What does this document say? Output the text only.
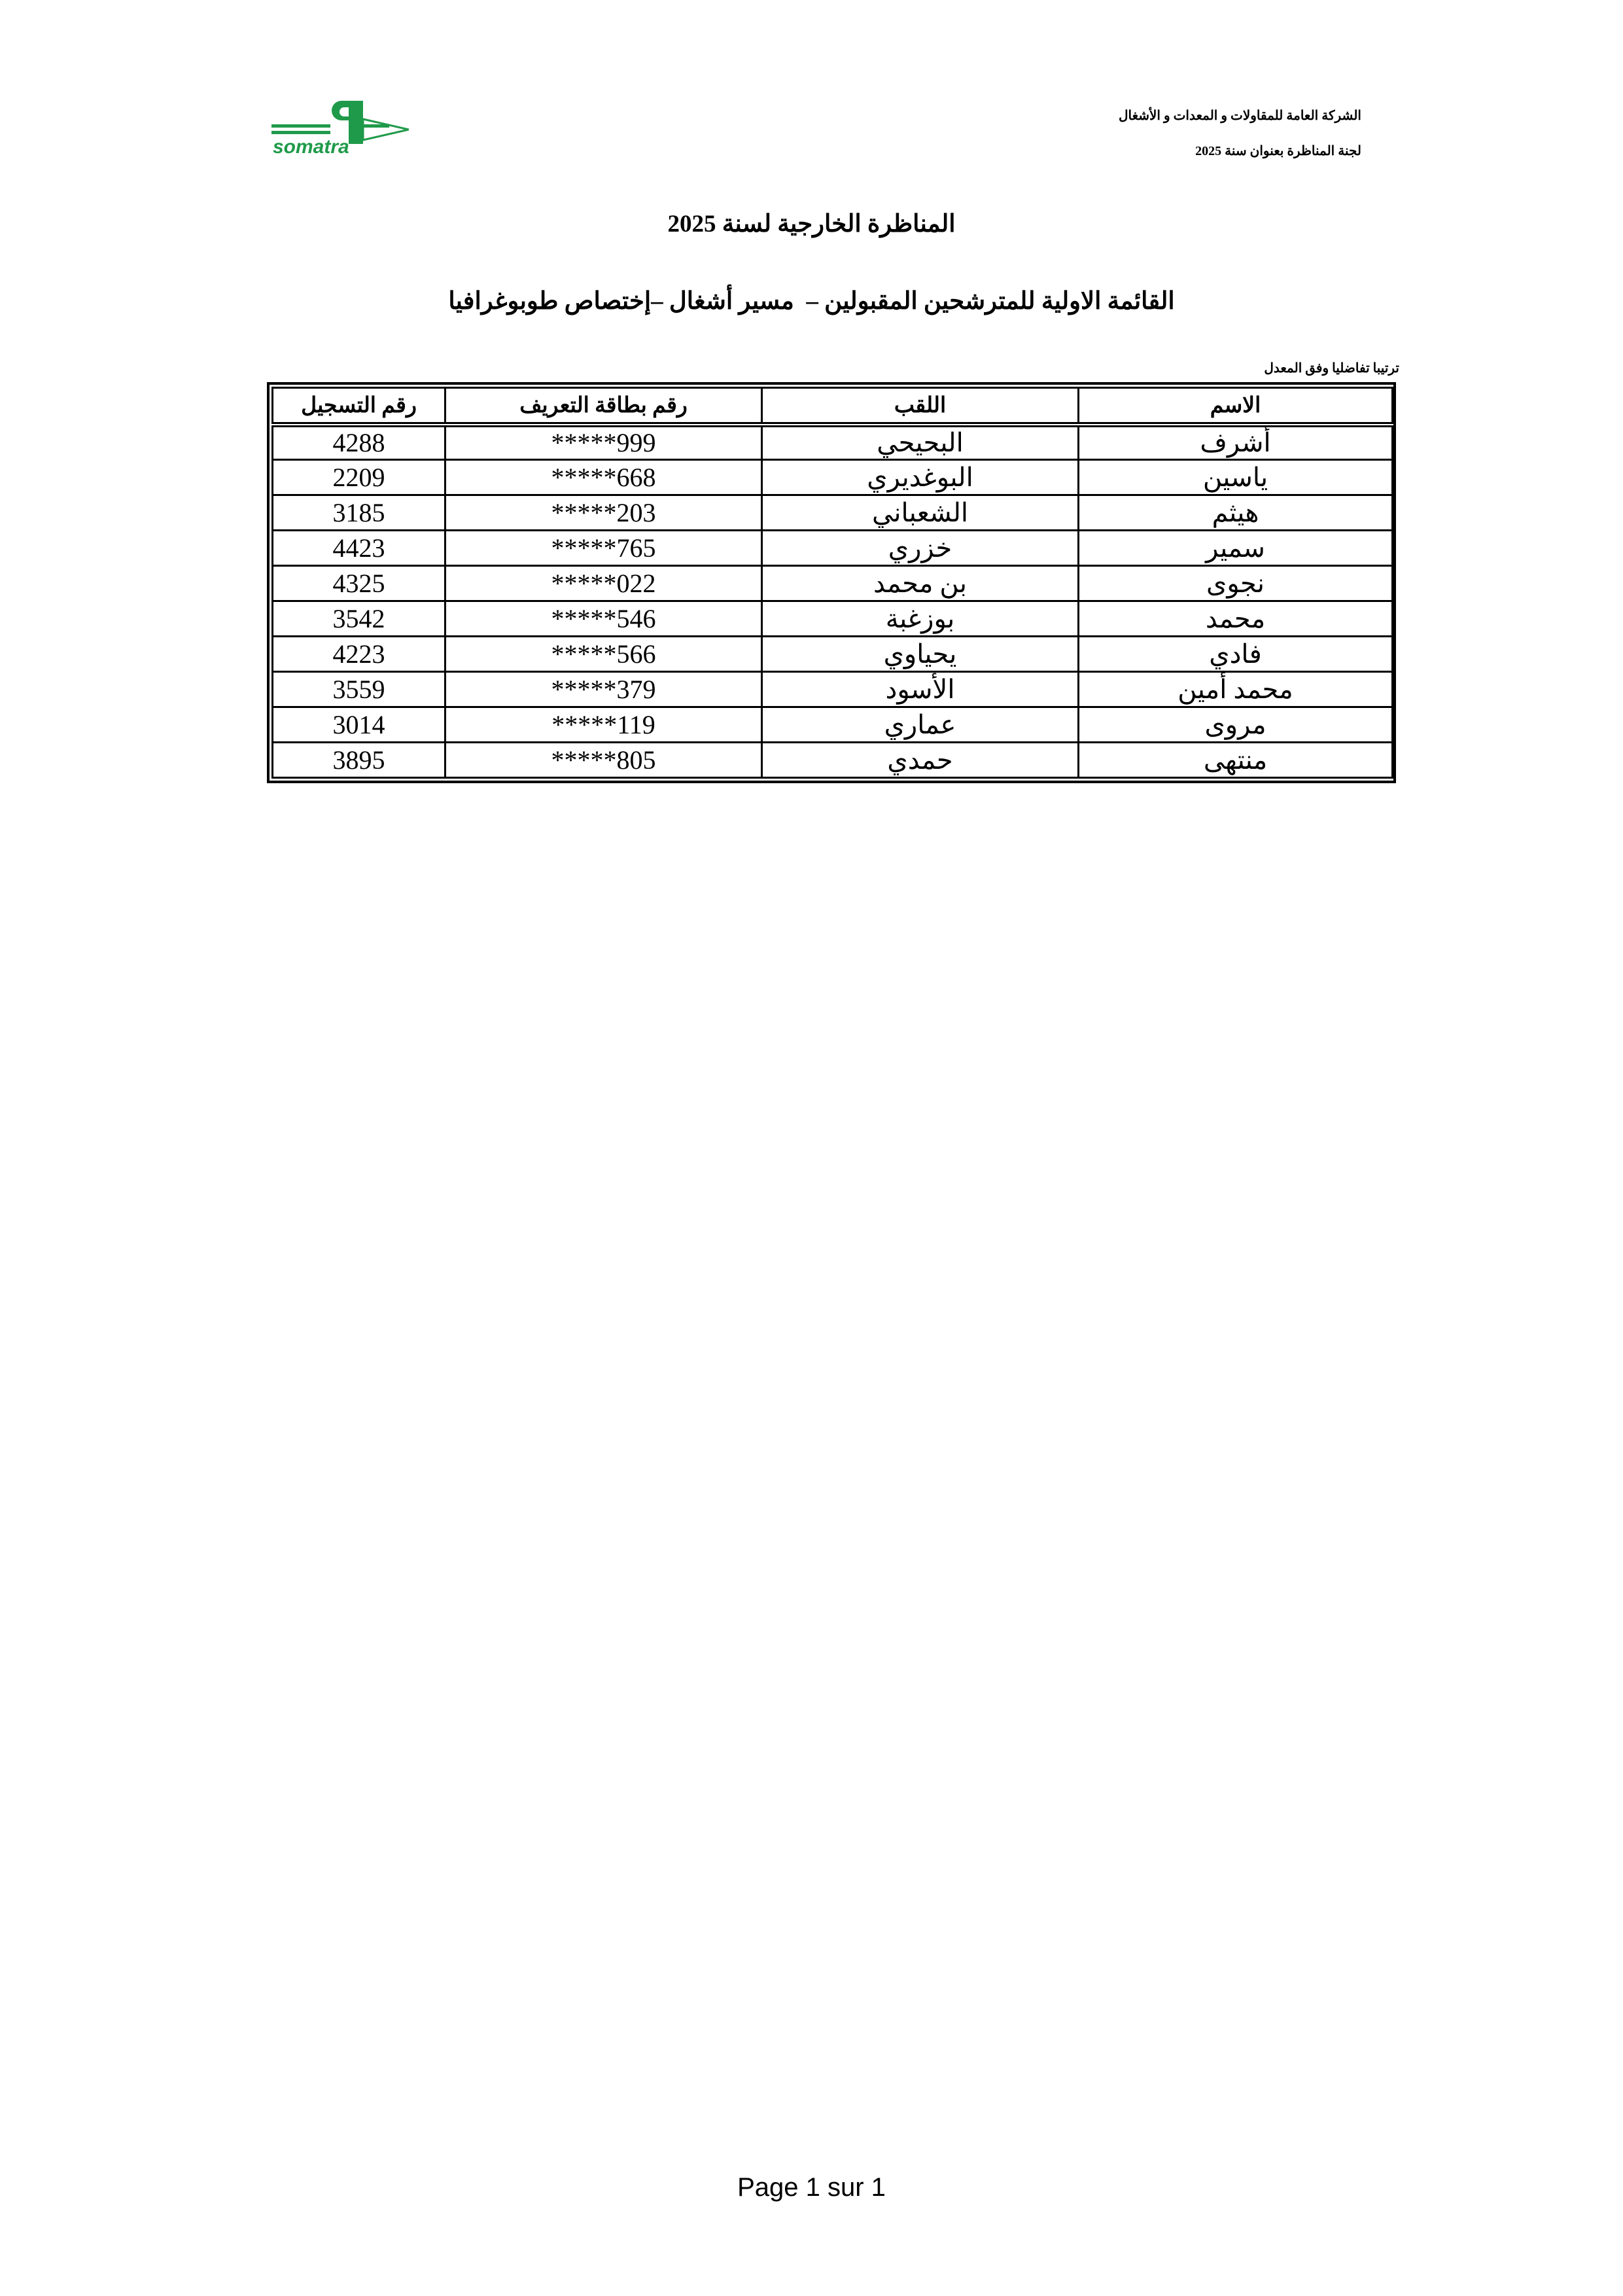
الشركة العامة للمقاولات و المعدات و الأشغال
لجنة المناظرة بعنوان سنة 2025
somatra
المناظرة الخارجية لسنة 2025
القائمة الاولية للمترشحين المقبولين –  مسير أشغال –إختصاص طوبوغرافيا
ترتيبا تفاضليا وفق المعدل
الاسم	اللقب	رقم بطاقة التعريف	رقم التسجيل
أشرف	البحيحي	*****999	4288
ياسين	البوغديري	*****668	2209
هيثم	الشعباني	*****203	3185
سمير	خزري	*****765	4423
نجوى	بن محمد	*****022	4325
محمد	بوزغبة	*****546	3542
فادي	يحياوي	*****566	4223
محمد أمين	الأسود	*****379	3559
مروى	عماري	*****119	3014
منتهى	حمدي	*****805	3895
Page 1 sur 1
